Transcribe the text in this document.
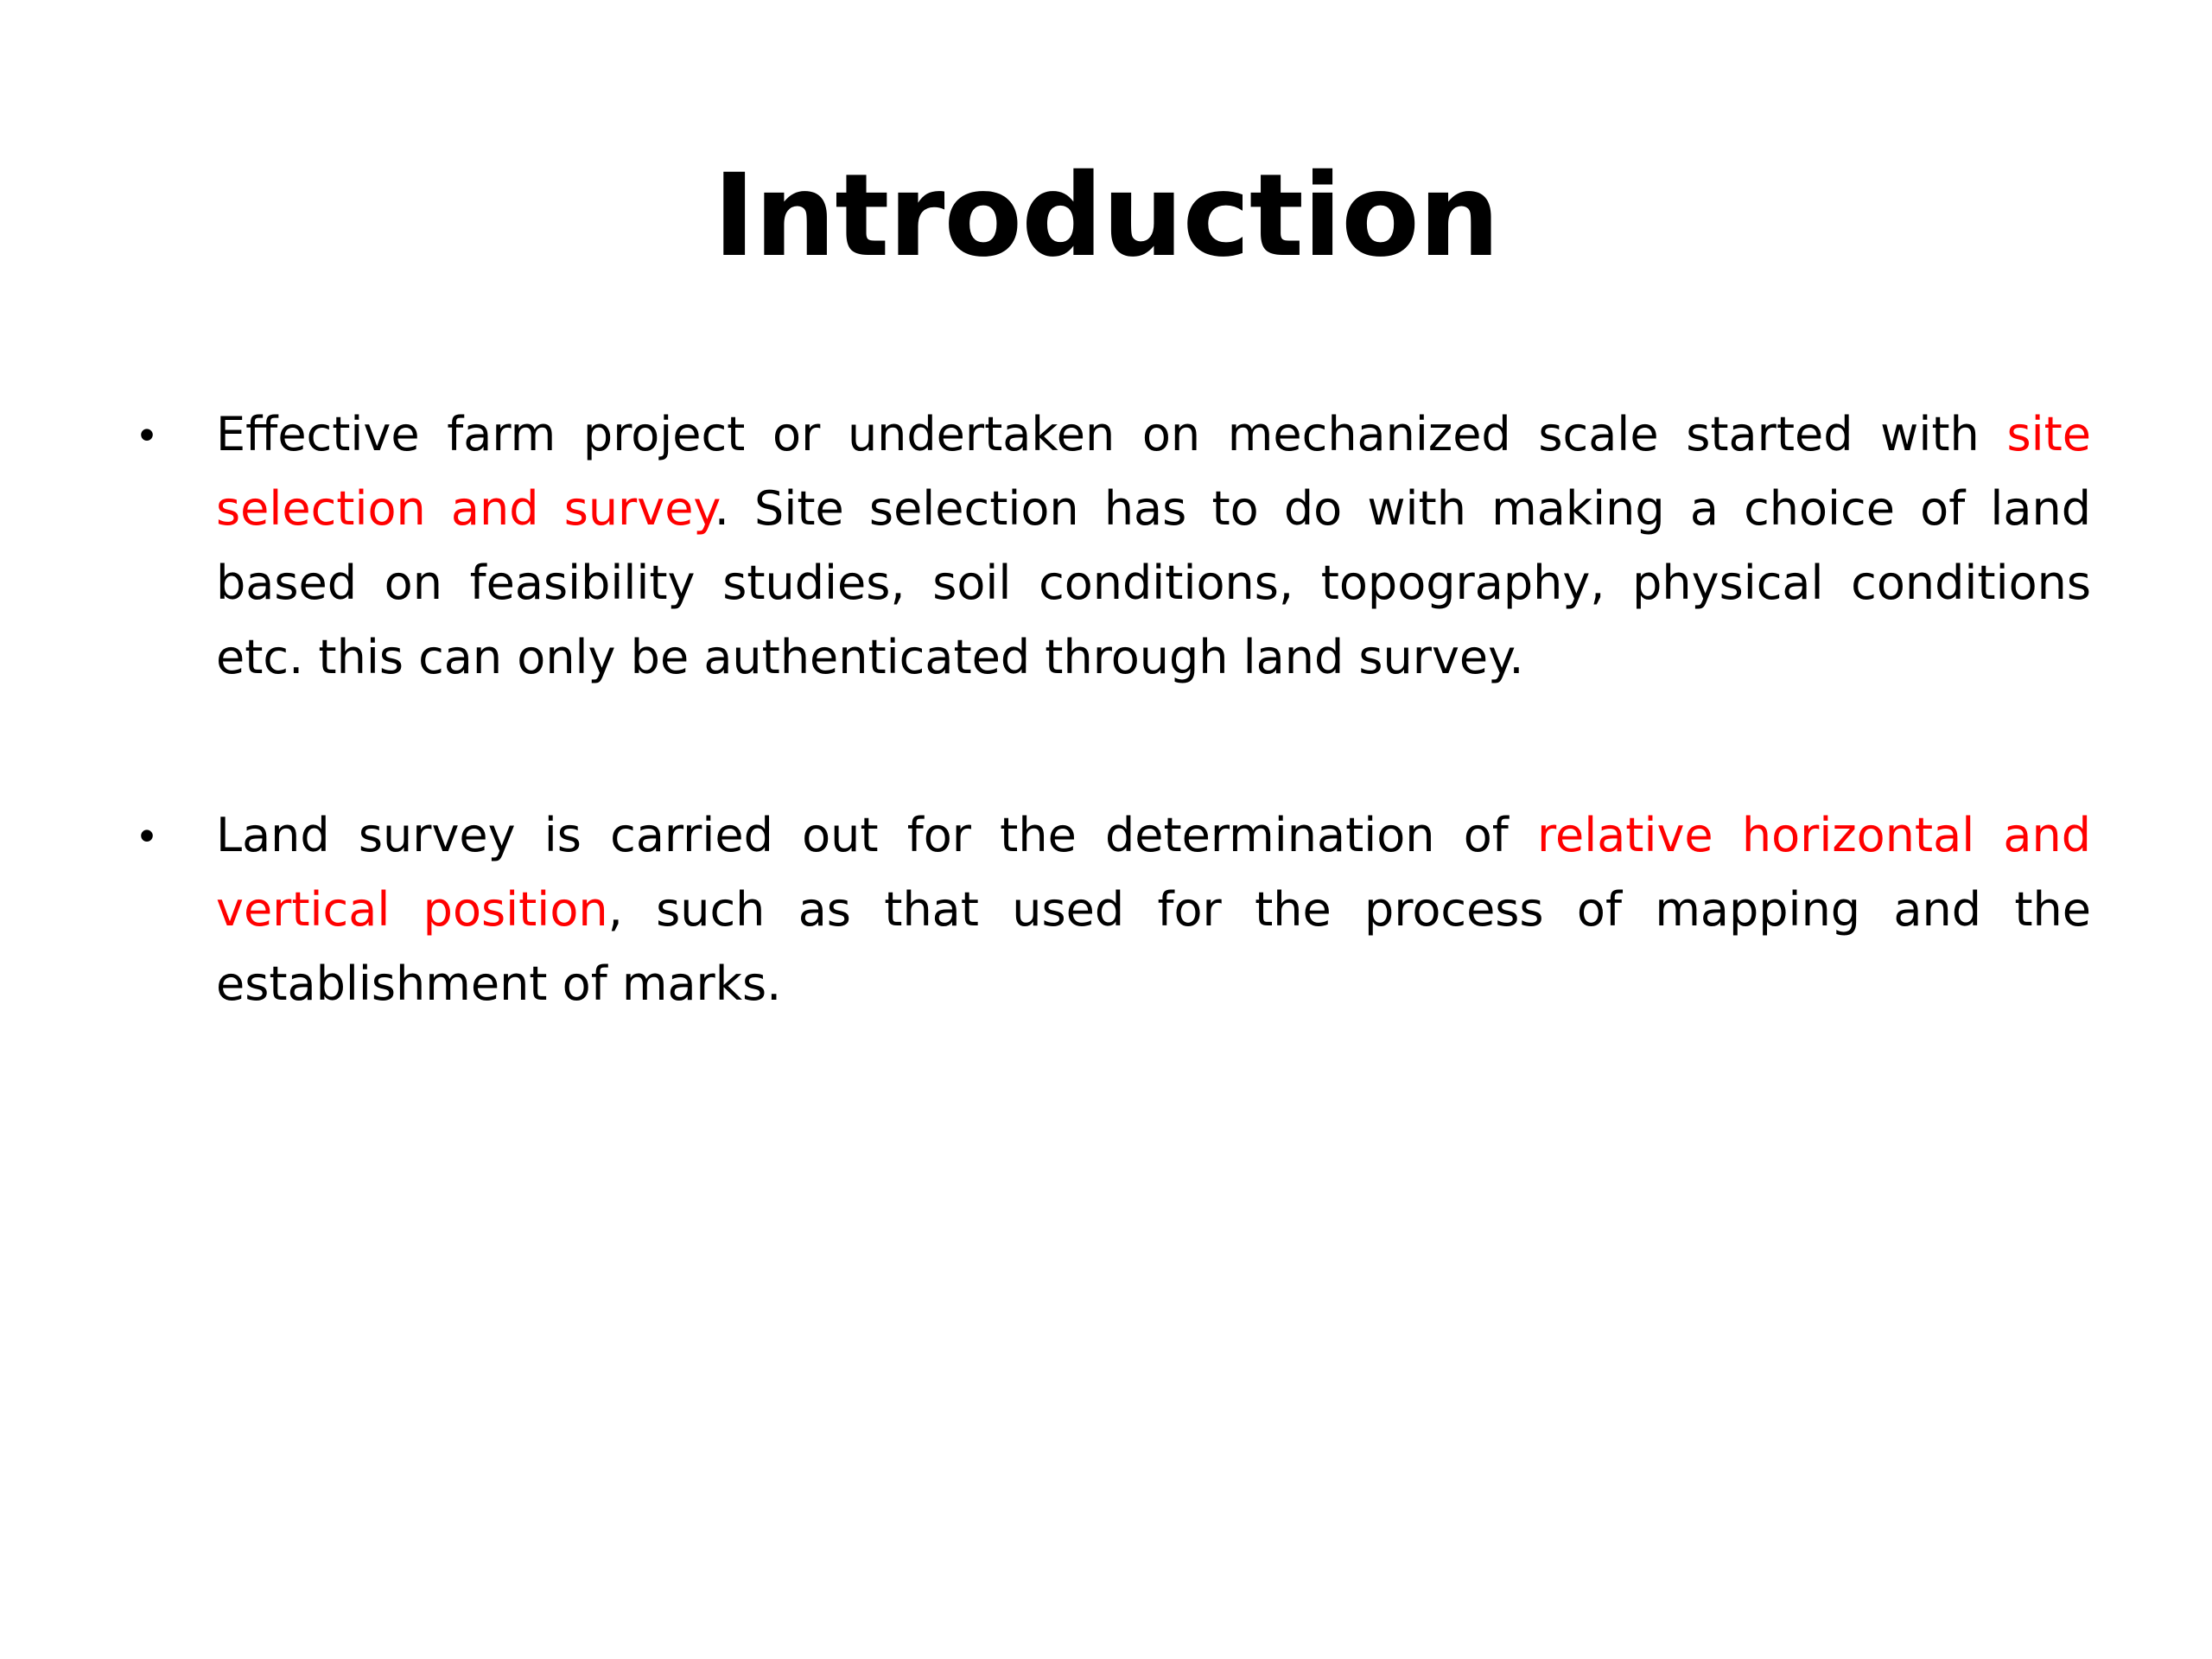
Introduction
• Effective farm project or undertaken on mechanized scale started with site selection and survey. Site selection has to do with making a choice of land based on feasibility studies, soil conditions, topography, physical conditions etc. this can only be authenticated through land survey.
• Land survey is carried out for the determination of relative horizontal and vertical position, such as that used for the process of mapping and the establishment of marks.
